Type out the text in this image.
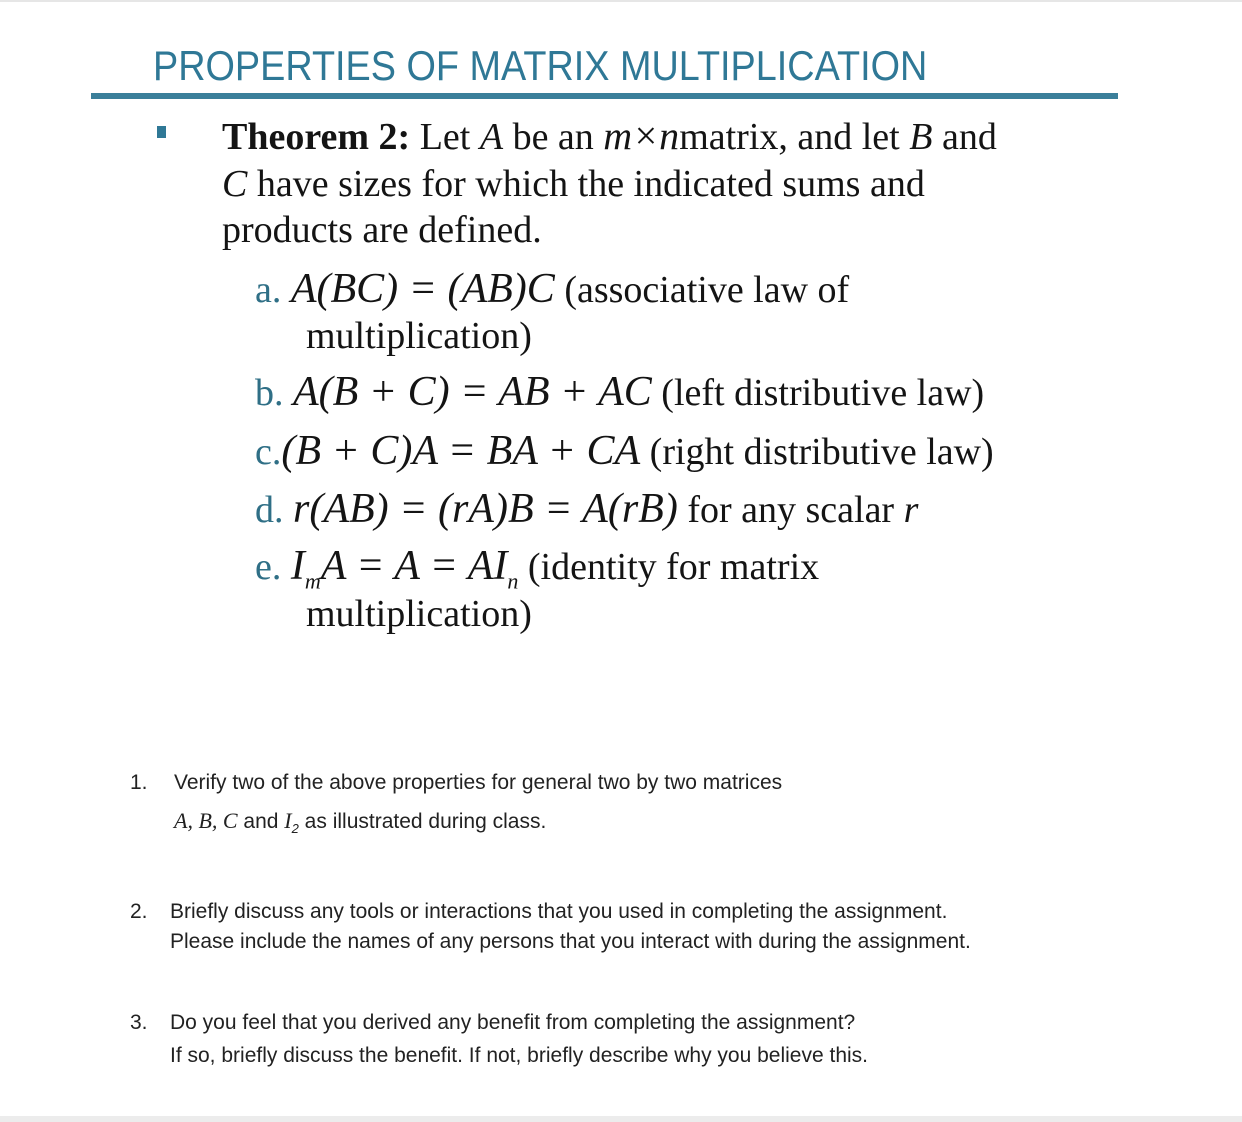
PROPERTIES OF MATRIX MULTIPLICATION
Theorem 2: Let A be an m×nmatrix, and let B and
C have sizes for which the indicated sums and
products are defined.
a. A(BC) = (AB)C (associative law of
multiplication)
b. A(B + C) = AB + AC (left distributive law)
c.(B + C)A = BA + CA (right distributive law)
d. r(AB) = (rA)B = A(rB) for any scalar r
e. $I_mA = A = AI_n$ (identity for matrix
multiplication)
1. Verify two of the above properties for general two by two matrices
A, B, C and $I_2$ as illustrated during class.
2. Briefly discuss any tools or interactions that you used in completing the assignment.
Please include the names of any persons that you interact with during the assignment.
3. Do you feel that you derived any benefit from completing the assignment?
If so, briefly discuss the benefit. If not, briefly describe why you believe this.
